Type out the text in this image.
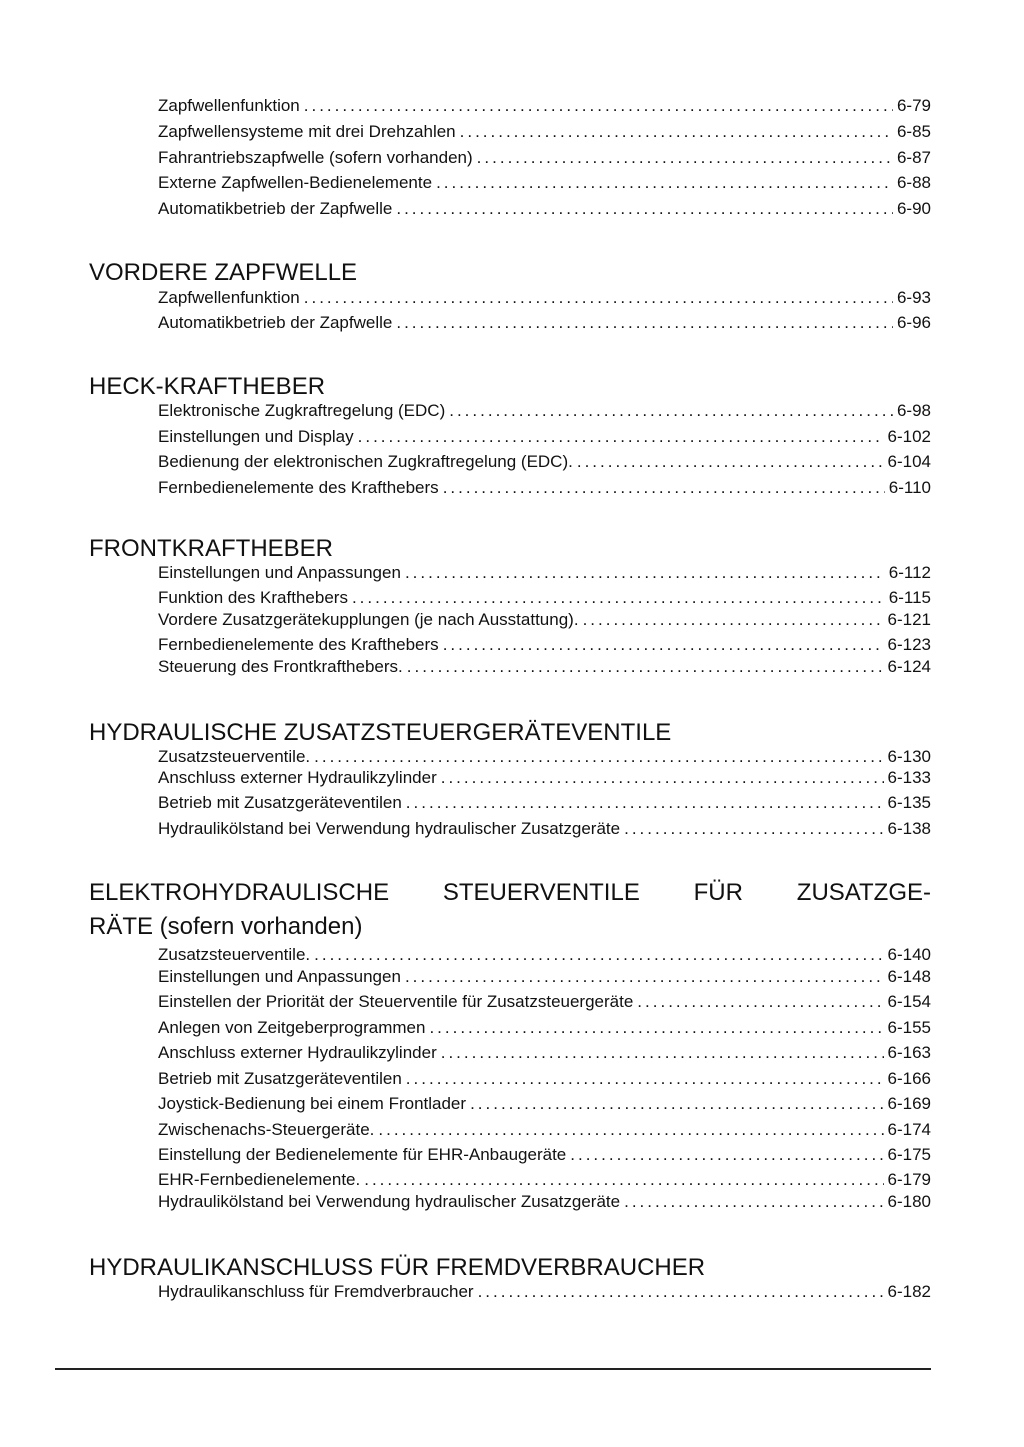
Zapfwellenfunktion .....	6-79
Zapfwellensysteme mit drei Drehzahlen .....	6-85
Fahrantriebszapfwelle (sofern vorhanden) .....	6-87
Externe Zapfwellen-Bedienelemente .....	6-88
Automatikbetrieb der Zapfwelle .....	6-90
VORDERE ZAPFWELLE
Zapfwellenfunktion .....	6-93
Automatikbetrieb der Zapfwelle .....	6-96
HECK-KRAFTHEBER
Elektronische Zugkraftregelung (EDC) .....	6-98
Einstellungen und Display .....	6-102
Bedienung der elektronischen Zugkraftregelung (EDC). .....	6-104
Fernbedienelemente des Krafthebers .....	6-110
FRONTKRAFTHEBER
Einstellungen und Anpassungen .....	6-112
Funktion des Krafthebers .....	6-115
Vordere Zusatzgerätekupplungen (je nach Ausstattung). .....	6-121
Fernbedienelemente des Krafthebers .....	6-123
Steuerung des Frontkrafthebers. .....	6-124
HYDRAULISCHE ZUSATZSTEUERGERÄTEVENTILE
Zusatzsteuerventile. .....	6-130
Anschluss externer Hydraulikzylinder .....	6-133
Betrieb mit Zusatzgeräteventilen .....	6-135
Hydraulikölstand bei Verwendung hydraulischer Zusatzgeräte .....	6-138
ELEKTROHYDRAULISCHE STEUERVENTILE FÜR ZUSATZGE-
RÄTE (sofern vorhanden)
Zusatzsteuerventile. .....	6-140
Einstellungen und Anpassungen .....	6-148
Einstellen der Priorität der Steuerventile für Zusatzsteuergeräte .....	6-154
Anlegen von Zeitgeberprogrammen .....	6-155
Anschluss externer Hydraulikzylinder .....	6-163
Betrieb mit Zusatzgeräteventilen .....	6-166
Joystick-Bedienung bei einem Frontlader .....	6-169
Zwischenachs-Steuergeräte. .....	6-174
Einstellung der Bedienelemente für EHR-Anbaugeräte .....	6-175
EHR-Fernbedienelemente. .....	6-179
Hydraulikölstand bei Verwendung hydraulischer Zusatzgeräte .....	6-180
HYDRAULIKANSCHLUSS FÜR FREMDVERBRAUCHER
Hydraulikanschluss für Fremdverbraucher .....	6-182
